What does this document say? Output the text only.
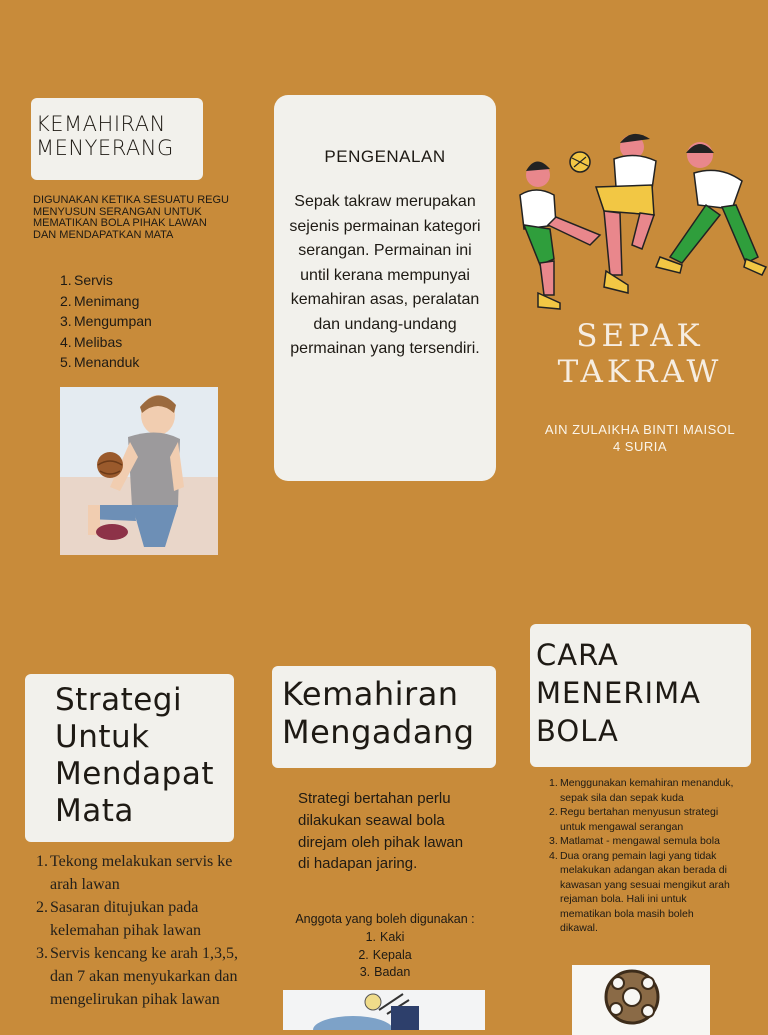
KEMAHIRAN MENYERANG
DIGUNAKAN KETIKA SESUATU REGU MENYUSUN SERANGAN UNTUK MEMATIKAN BOLA PIHAK LAWAN DAN MENDAPATKAN MATA
1. Servis
2. Menimang
3. Mengumpan
4. Melibas
5. Menanduk
PENGENALAN
Sepak takraw merupakan sejenis permainan kategori serangan. Permainan ini until kerana mempunyai kemahiran asas, peralatan dan undang-undang permainan yang tersendiri.	SEPAK TAKRAW
AIN ZULAIKHA BINTI MAISOL
4 SURIA
Strategi Untuk Mendapat Mata
1. Tekong melakukan servis ke arah lawan
2. Sasaran ditujukan pada kelemahan pihak lawan
3. Servis kencang ke arah 1,3,5, dan 7 akan menyukarkan dan mengelirukan pihak lawan
Kemahiran Mengadang
Strategi bertahan perlu dilakukan seawal bola direjam oleh pihak lawan di hadapan jaring.
Anggota yang boleh digunakan :
1. Kaki
2. Kepala
3. Badan
CARA MENERIMA BOLA
1. Menggunakan kemahiran menanduk, sepak sila dan sepak kuda
2. Regu bertahan menyusun strategi untuk mengawal serangan
3. Matlamat - mengawal semula bola
4. Dua orang pemain lagi yang tidak melakukan adangan akan berada di kawasan yang sesuai mengikut arah rejaman bola. Hali ini untuk mematikan bola masih boleh dikawal.
